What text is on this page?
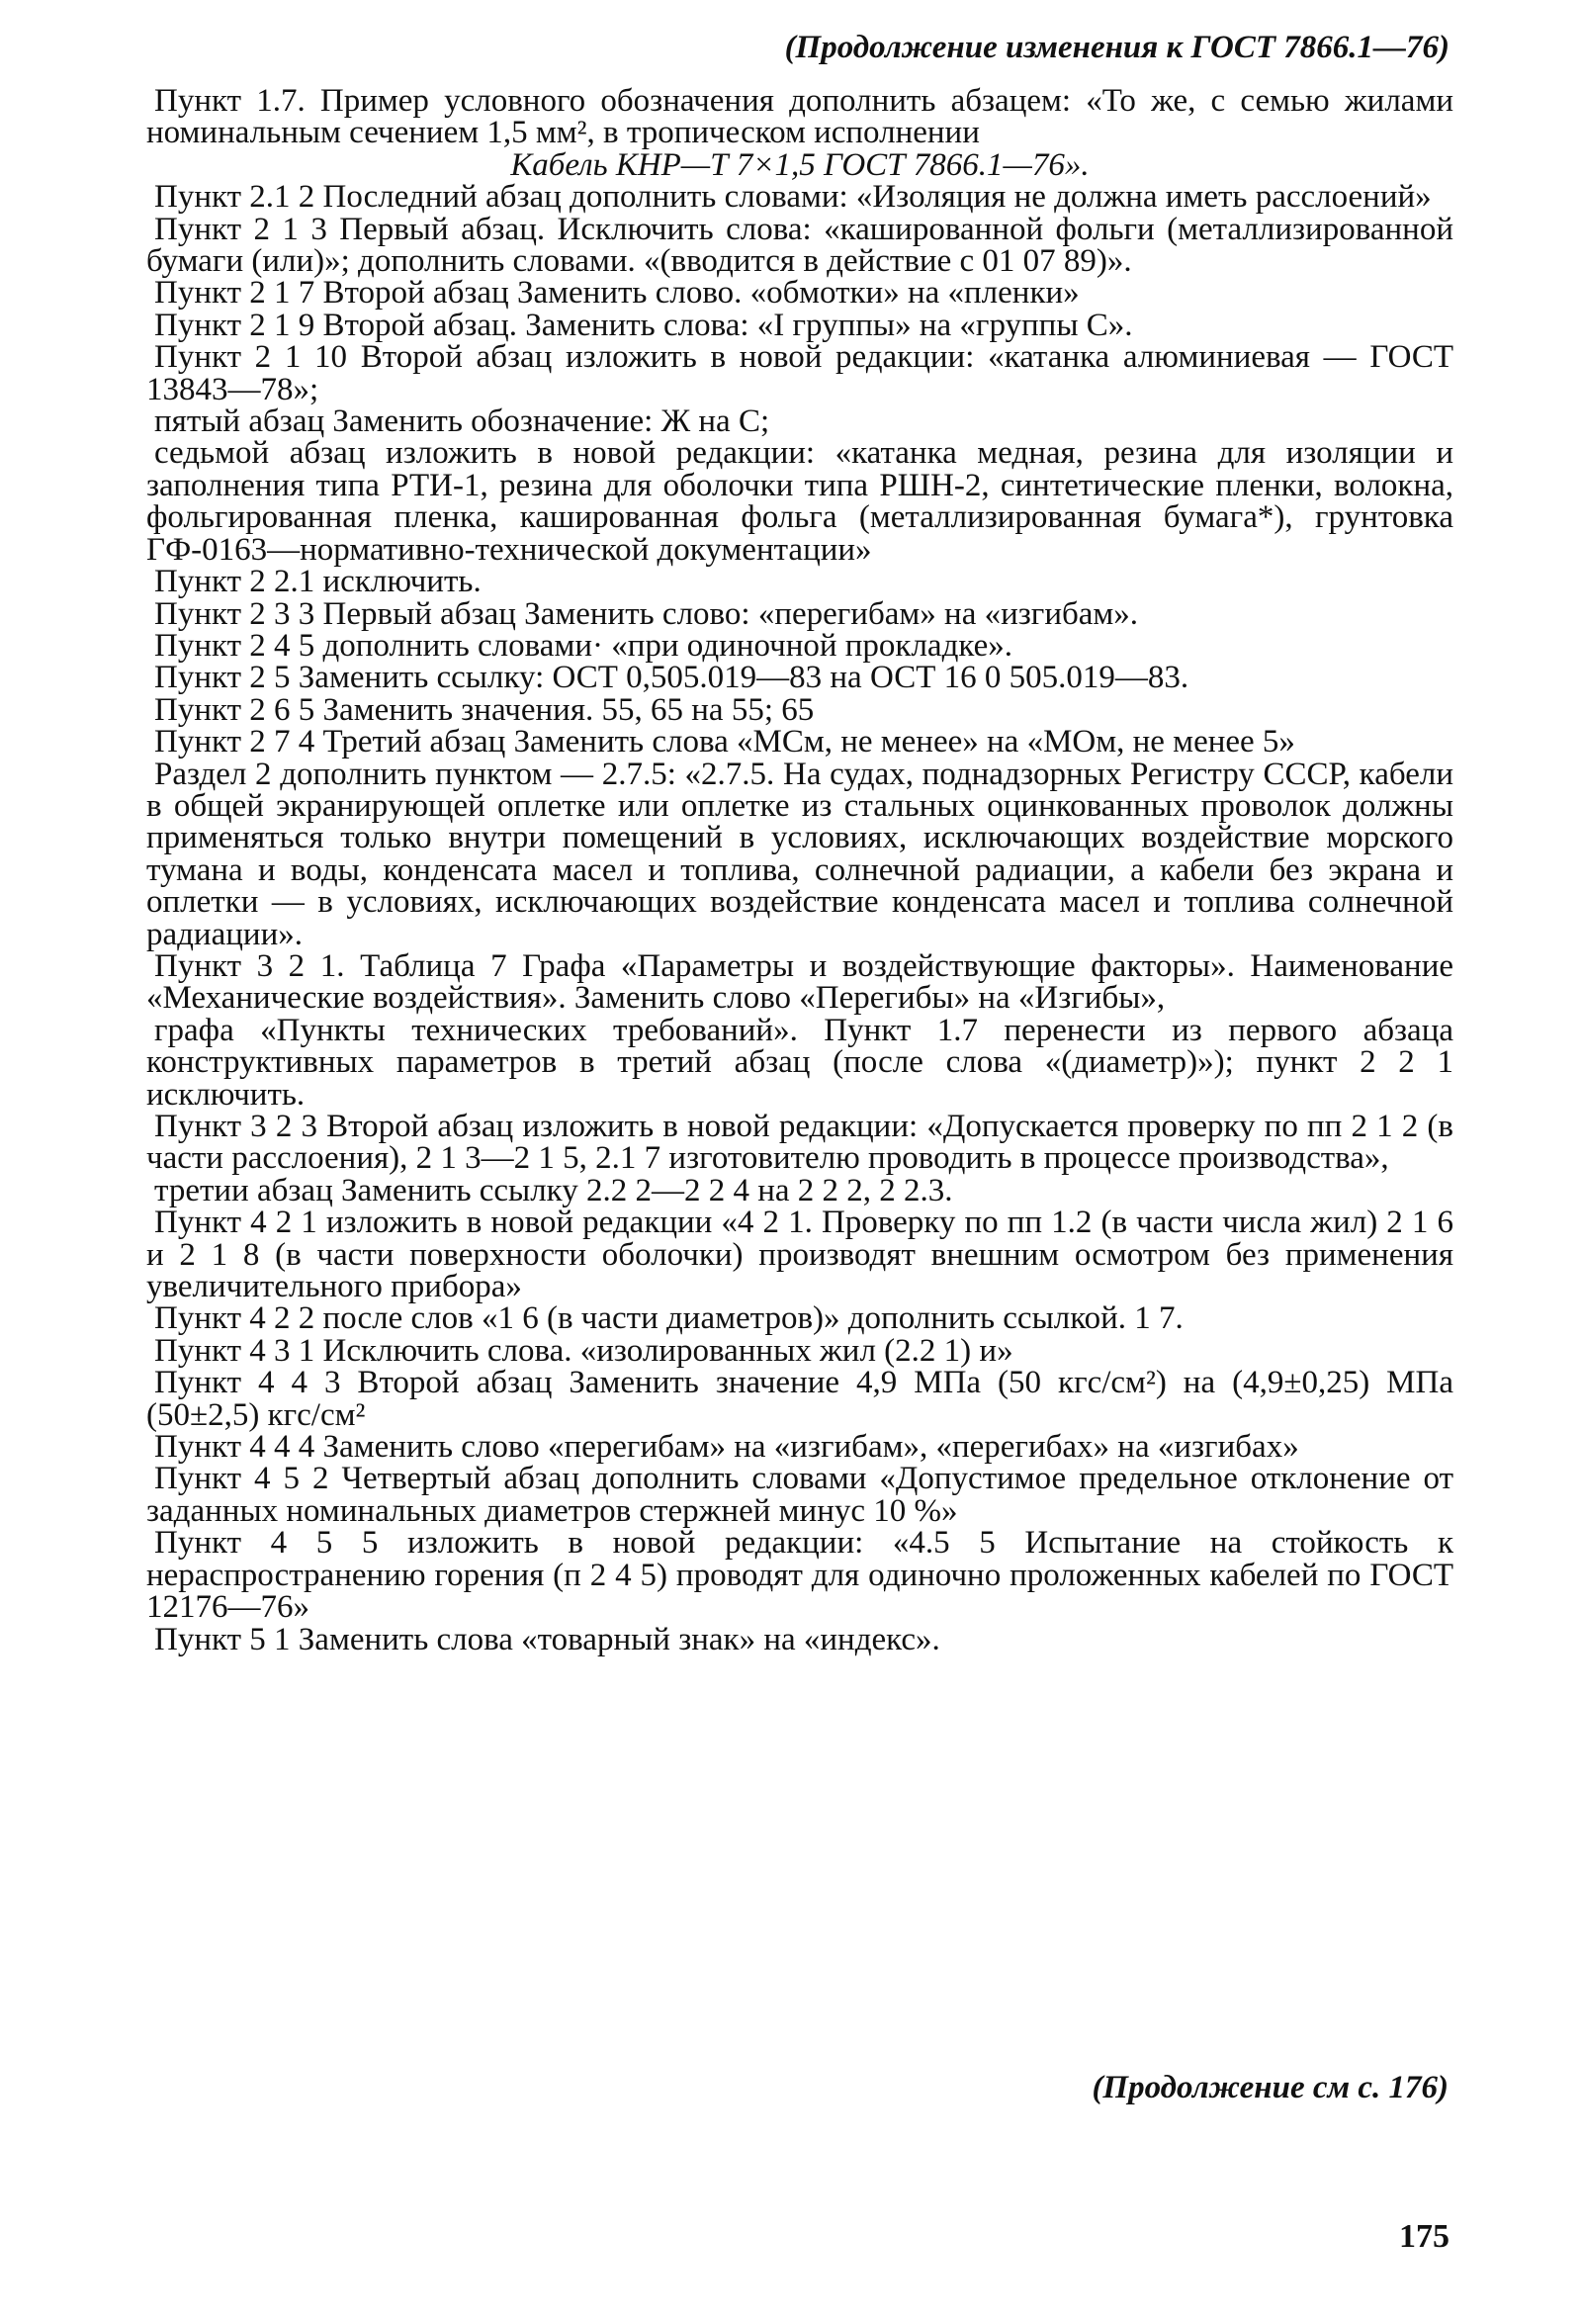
(Продолжение изменения к ГОСТ 7866.1—76)

Пункт 1.7. Пример условного обозначения дополнить абзацем: «То же, с семью жилами номинальным сечением 1,5 мм², в тропическом исполнении

Кабель КНР—Т 7×1,5 ГОСТ 7866.1—76».

Пункт 2.1 2 Последний абзац дополнить словами: «Изоляция не должна иметь расслоений»

Пункт 2 1 3 Первый абзац. Исключить слова: «кашированной фольги (металлизированной бумаги (или)»; дополнить словами. «(вводится в действие с 01 07 89)».

Пункт 2 1 7 Второй абзац Заменить слово. «обмотки» на «пленки»

Пункт 2 1 9 Второй абзац. Заменить слова: «I группы» на «группы С».

Пункт 2 1 10 Второй абзац изложить в новой редакции: «катанка алюминиевая — ГОСТ 13843—78»;

пятый абзац Заменить обозначение: Ж на С;

седьмой абзац изложить в новой редакции: «катанка медная, резина для изоляции и заполнения типа РТИ-1, резина для оболочки типа РШН-2, синтетические пленки, волокна, фольгированная пленка, кашированная фольга (металлизированная бумага*), грунтовка ГФ-0163—нормативно-технической документации»

Пункт 2 2.1 исключить.

Пункт 2 3 3 Первый абзац Заменить слово: «перегибам» на «изгибам».

Пункт 2 4 5 дополнить словами· «при одиночной прокладке».

Пункт 2 5 Заменить ссылку: ОСТ 0,505.019—83 на ОСТ 16 0 505.019—83.

Пункт 2 6 5 Заменить значения. 55, 65 на 55; 65

Пункт 2 7 4 Третий абзац Заменить слова «МСм, не менее» на «МОм, не менее 5»

Раздел 2 дополнить пунктом — 2.7.5: «2.7.5. На судах, поднадзорных Регистру СССР, кабели в общей экранирующей оплетке или оплетке из стальных оцинкованных проволок должны применяться только внутри помещений в условиях, исключающих воздействие морского тумана и воды, конденсата масел и топлива, солнечной радиации, а кабели без экрана и оплетки — в условиях, исключающих воздействие конденсата масел и топлива солнечной радиации».

Пункт 3 2 1. Таблица 7 Графа «Параметры и воздействующие факторы». Наименование «Механические воздействия». Заменить слово «Перегибы» на «Изгибы»,

графа «Пункты технических требований». Пункт 1.7 перенести из первого абзаца конструктивных параметров в третий абзац (после слова «(диаметр)»); пункт 2 2 1 исключить.

Пункт 3 2 3 Второй абзац изложить в новой редакции: «Допускается проверку по пп 2 1 2 (в части расслоения), 2 1 3—2 1 5, 2.1 7 изготовителю проводить в процессе производства»,

третии абзац Заменить ссылку 2.2 2—2 2 4 на 2 2 2, 2 2.3.

Пункт 4 2 1 изложить в новой редакции «4 2 1. Проверку по пп 1.2 (в части числа жил) 2 1 6 и 2 1 8 (в части поверхности оболочки) производят внешним осмотром без применения увеличительного прибора»

Пункт 4 2 2 после слов «1 6 (в части диаметров)» дополнить ссылкой. 1 7.

Пункт 4 3 1 Исключить слова. «изолированных жил (2.2 1) и»

Пункт 4 4 3 Второй абзац Заменить значение 4,9 МПа (50 кгс/см²) на (4,9±0,25) МПа (50±2,5) кгс/см²

Пункт 4 4 4 Заменить слово «перегибам» на «изгибам», «перегибах» на «изгибах»

Пункт 4 5 2 Четвертый абзац дополнить словами «Допустимое предельное отклонение от заданных номинальных диаметров стержней минус 10 %»

Пункт 4 5 5 изложить в новой редакции: «4.5 5 Испытание на стойкость к нераспространению горения (п 2 4 5) проводят для одиночно проложенных кабелей по ГОСТ 12176—76»

Пункт 5 1 Заменить слова «товарный знак» на «индекс».

(Продолжение см с. 176)
175
